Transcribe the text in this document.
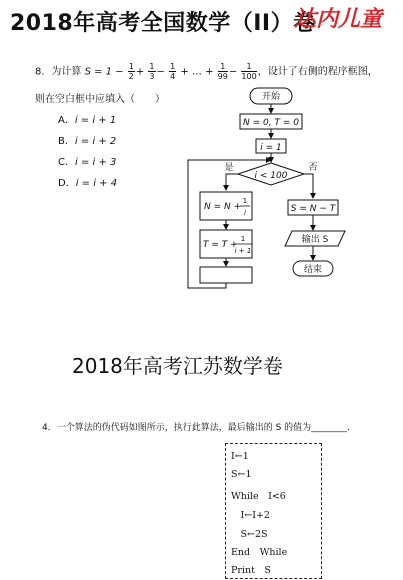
2018年高考全国数学（II）卷
达内儿童
8．为计算 $S = 1 - \frac{1}{2} + \frac{1}{3} - \frac{1}{4}$ + … + $\frac{1}{99} - \frac{1}{100}$ ，设计了右侧的程序框图，
则在空白框中应填入（　　）
A．i = i + 1
B．i = i + 2
C．i = i + 3
D．i = i + 4
开始
N = 0, T = 0
i = 1
i < 100
是	否
N = N +
1
i
T = T +
1
i + 1
S = N − T
输出 S
结束
2018年高考江苏数学卷
4．一个算法的伪代码如图所示，执行此算法，最后输出的 S 的值为________．
I←1
S←1
While　I<6
　I←I+2
　S←2S
End　While
Print　S
